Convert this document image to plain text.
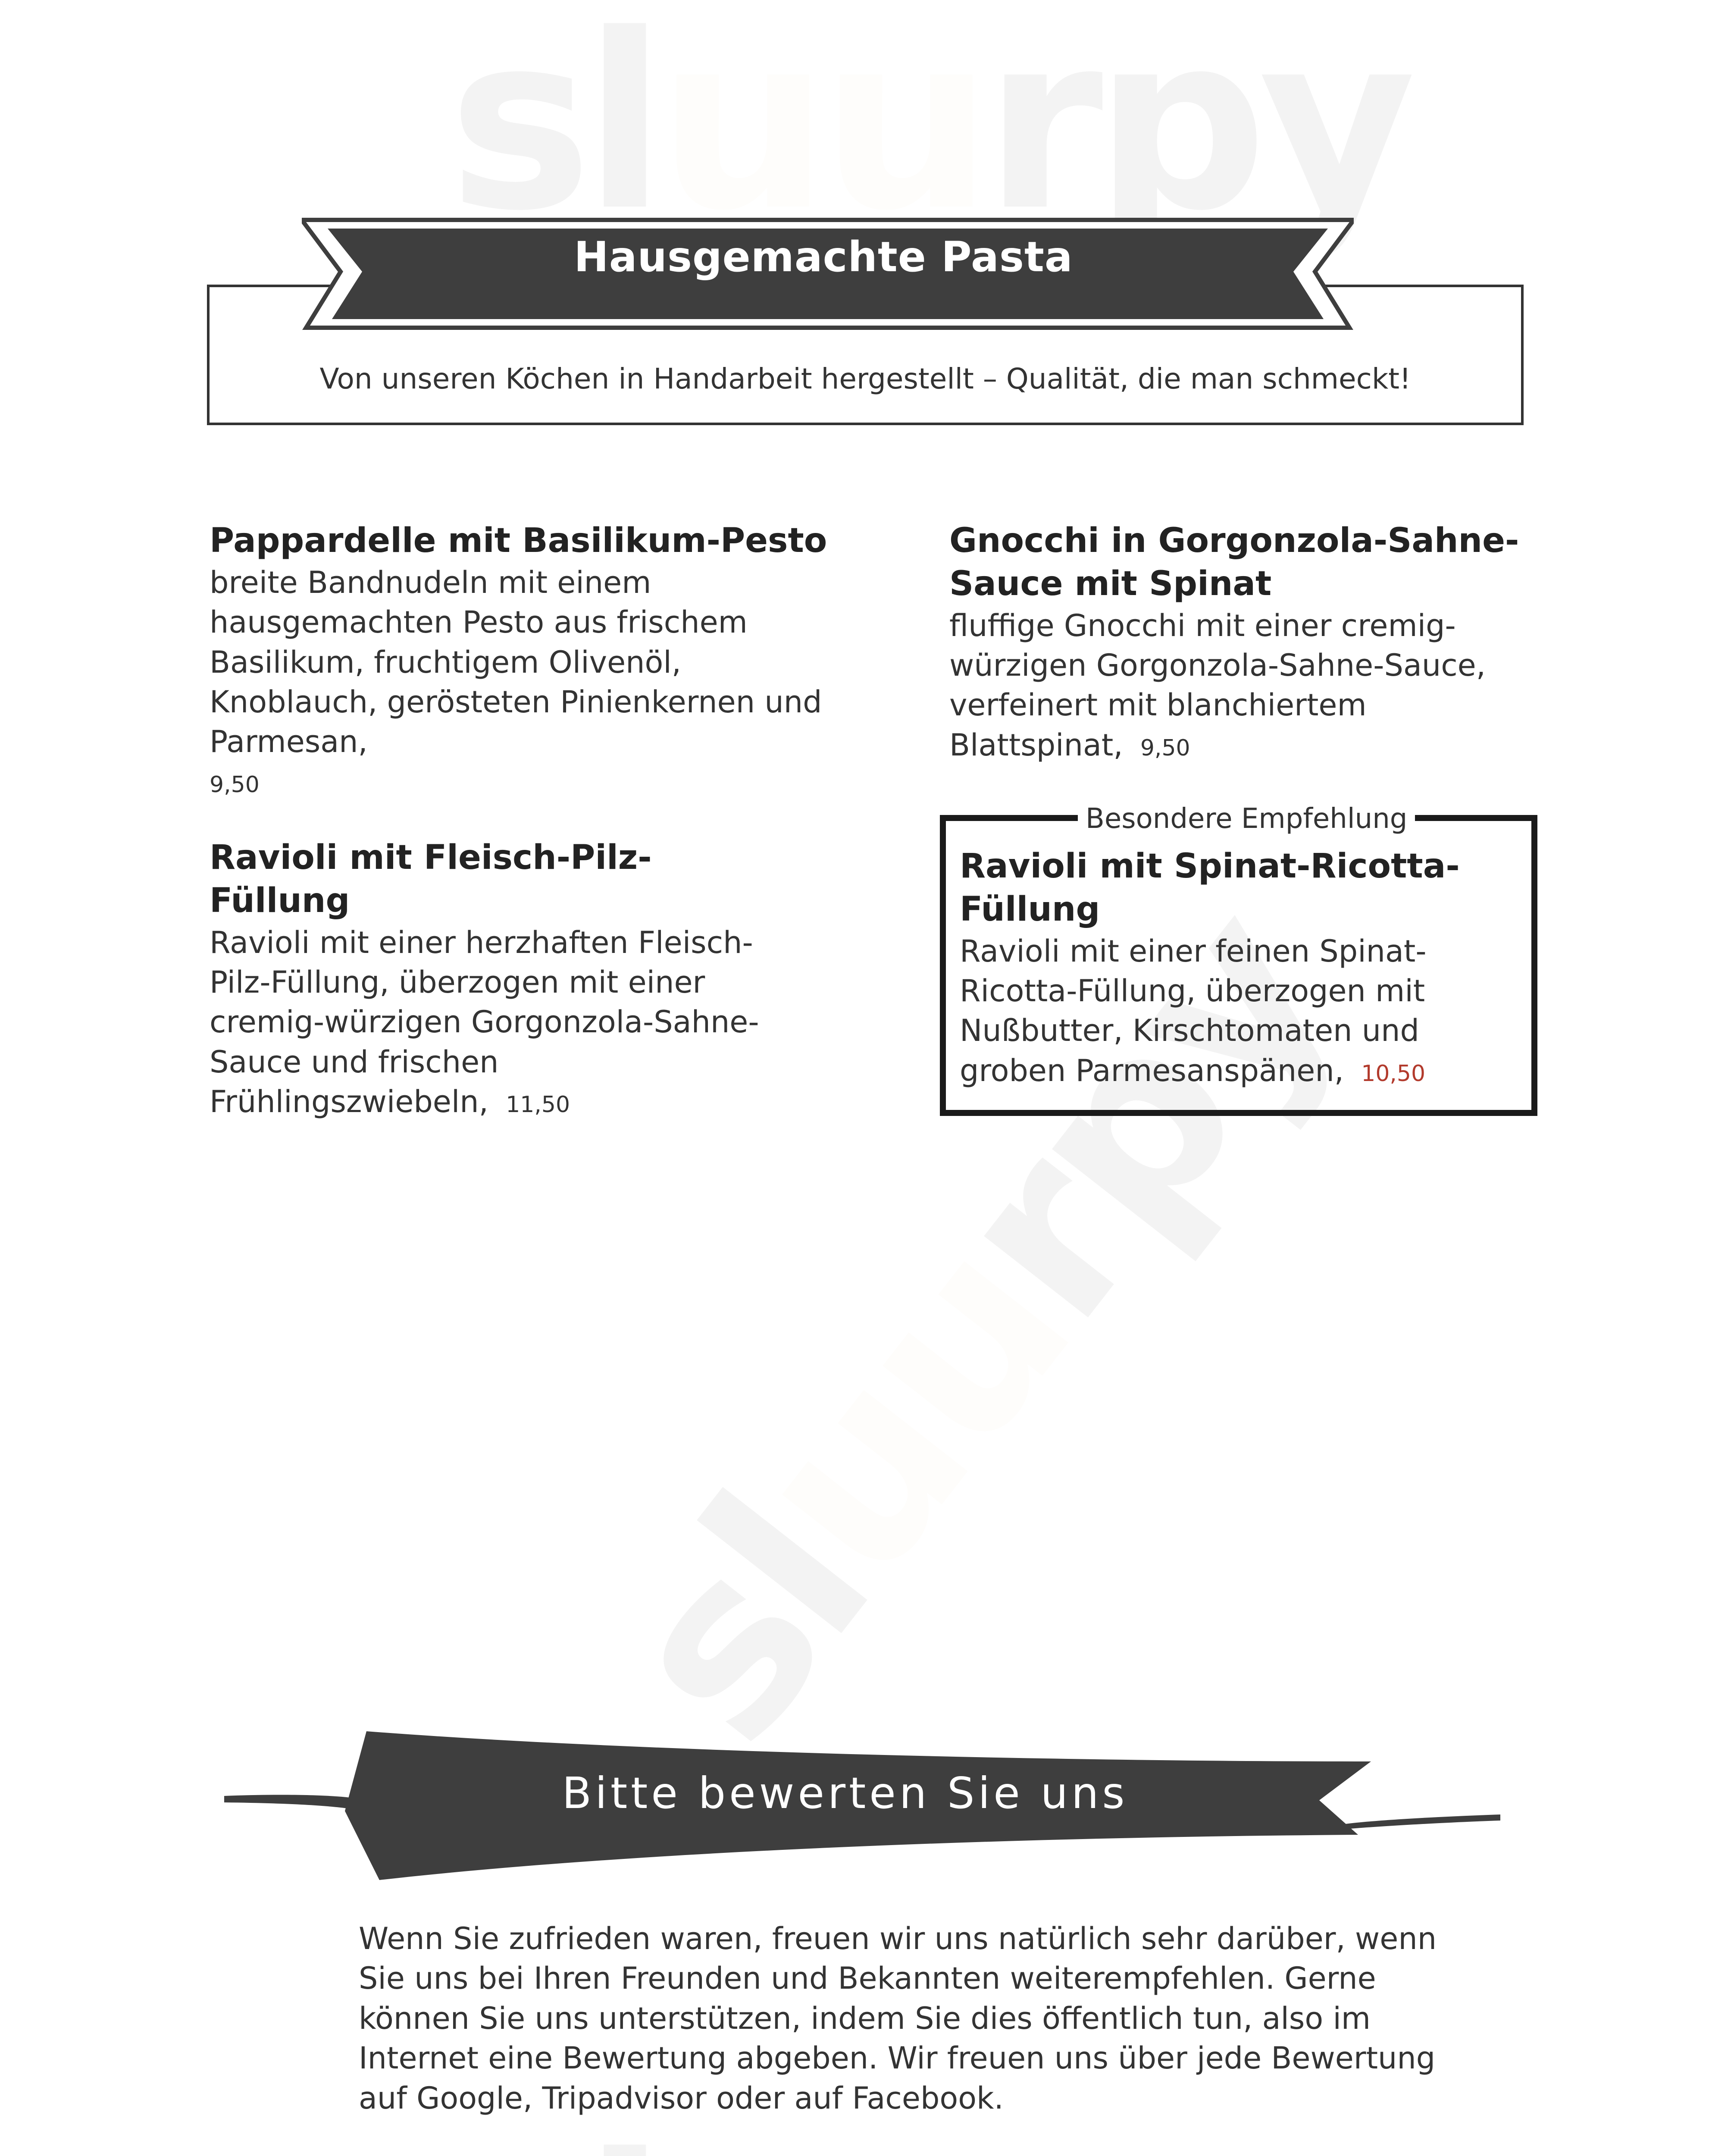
Hausgemachte Pasta
Von unseren Köchen in Handarbeit hergestellt – Qualität, die man schmeckt!
Pappardelle mit Basilikum-Pesto
breite Bandnudeln mit einem hausgemachten Pesto aus frischem Basilikum, fruchtigem Olivenöl, Knoblauch, gerösteten Pinienkernen und Parmesan,
9,50
Gnocchi in Gorgonzola-Sahne-Sauce mit Spinat
fluffige Gnocchi mit einer cremig-würzigen Gorgonzola-Sahne-Sauce, verfeinert mit blanchiertem Blattspinat, 9,50
Ravioli mit Fleisch-Pilz-Füllung
Ravioli mit einer herzhaften Fleisch-Pilz-Füllung, überzogen mit einer cremig-würzigen Gorgonzola-Sahne-Sauce und frischen Frühlingszwiebeln, 11,50
Besondere Empfehlung
Ravioli mit Spinat-Ricotta-Füllung
Ravioli mit einer feinen Spinat-Ricotta-Füllung, überzogen mit Nußbutter, Kirschtomaten und groben Parmesanspänen, 10,50
Bitte bewerten Sie uns
Wenn Sie zufrieden waren, freuen wir uns natürlich sehr darüber, wenn Sie uns bei Ihren Freunden und Bekannten weiterempfehlen. Gerne können Sie uns unterstützen, indem Sie dies öffentlich tun, also im Internet eine Bewertung abgeben. Wir freuen uns über jede Bewertung auf Google, Tripadvisor oder auf Facebook.
